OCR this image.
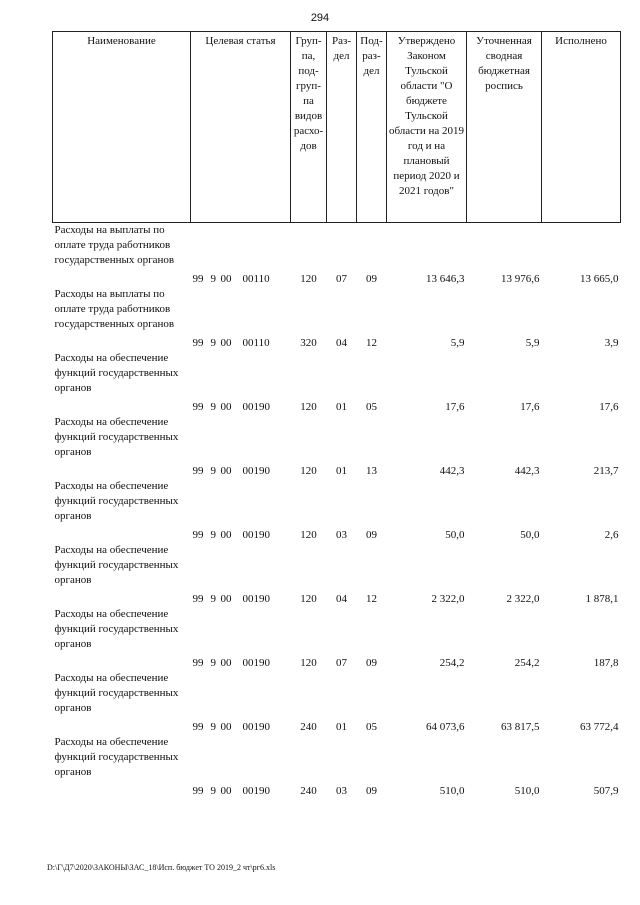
294
Наименование	Целевая статья	Груп-па, под-груп-па видов расхо-дов	Раз-дел	Под-раз-дел	Утверждено Законом Тульской области "О бюджете Тульской области на 2019 год и на плановый период 2020 и 2021 годов"	Уточненная сводная бюджетная роспись	Исполнено
Расходы на выплаты по оплате труда работников государственных органов	99 9 00 00110	120	07	09	13 646,3	13 976,6	13 665,0
Расходы на выплаты по оплате труда работников государственных органов	99 9 00 00110	320	04	12	5,9	5,9	3,9
Расходы на обеспечение функций государственных органов	99 9 00 00190	120	01	05	17,6	17,6	17,6
Расходы на обеспечение функций государственных органов	99 9 00 00190	120	01	13	442,3	442,3	213,7
Расходы на обеспечение функций государственных органов	99 9 00 00190	120	03	09	50,0	50,0	2,6
Расходы на обеспечение функций государственных органов	99 9 00 00190	120	04	12	2 322,0	2 322,0	1 878,1
Расходы на обеспечение функций государственных органов	99 9 00 00190	120	07	09	254,2	254,2	187,8
Расходы на обеспечение функций государственных органов	99 9 00 00190	240	01	05	64 073,6	63 817,5	63 772,4
Расходы на обеспечение функций государственных органов	99 9 00 00190	240	03	09	510,0	510,0	507,9
D:\Г\Д7\2020\ЗАКОНЫ\ЗАС_18\Исп. бюджет ТО 2019_2 чт\рг6.xls
